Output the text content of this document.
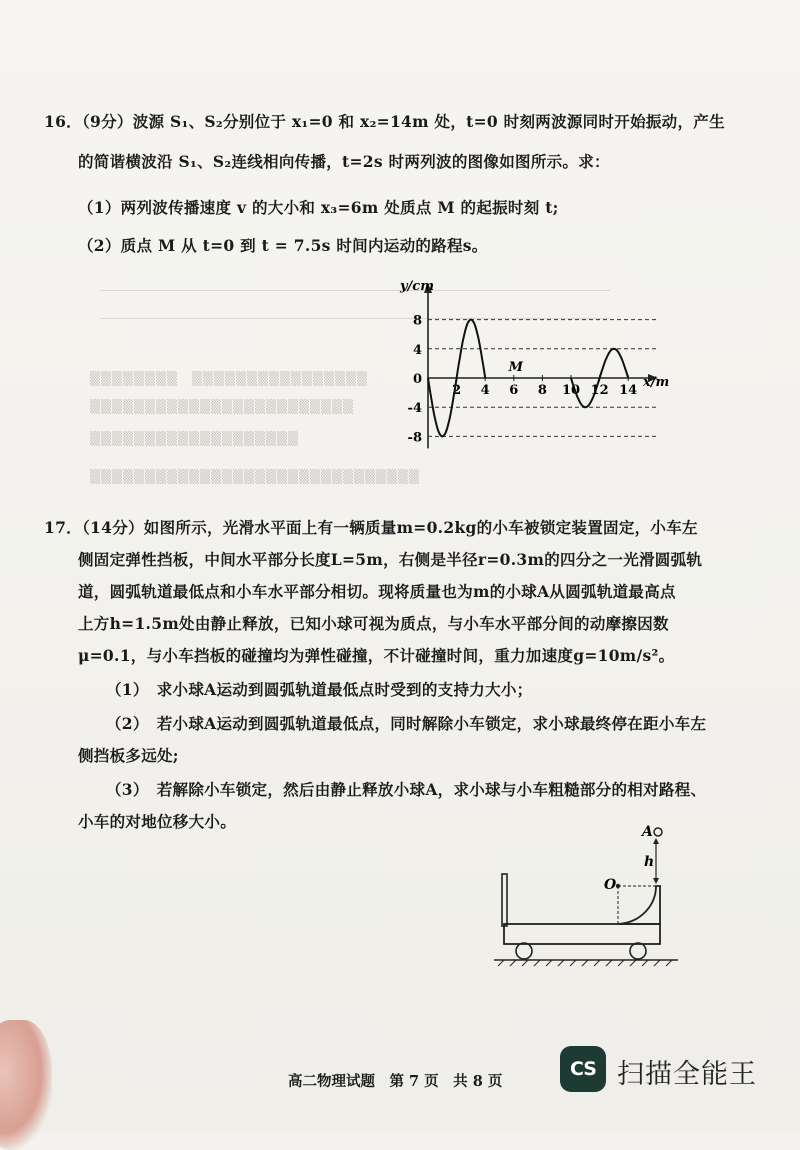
▒▒▒▒▒▒▒▒　▒▒▒▒▒▒▒▒▒▒▒▒▒▒▒▒
▒▒▒▒▒▒▒▒▒▒▒▒▒▒▒▒▒▒▒▒▒▒▒▒
▒▒▒▒▒▒▒▒▒▒▒▒▒▒▒▒▒▒▒
▒▒▒▒▒▒▒▒▒▒▒▒▒▒▒▒▒▒▒▒▒▒▒▒▒▒▒▒▒▒
16．（9分）波源 S₁、S₂分别位于 x₁=0 和 x₂=14m 处，t=0 时刻两波源同时开始振动，产生
的简谐横波沿 S₁、S₂连线相向传播，t=2s 时两列波的图像如图所示。求：
（1）两列波传播速度 v 的大小和 x₃=6m 处质点 M 的起振时刻 t;
（2）质点 M 从 t=0 到 t = 7.5s 时间内运动的路程s。
y/cm
x/m
8
4
0
-4
-8
2 4 6 8 10 12 14
M
17．（14分）如图所示，光滑水平面上有一辆质量m=0.2kg的小车被锁定装置固定，小车左
侧固定弹性挡板，中间水平部分长度L=5m，右侧是半径r=0.3m的四分之一光滑圆弧轨
道，圆弧轨道最低点和小车水平部分相切。现将质量也为m的小球A从圆弧轨道最高点
上方h=1.5m处由静止释放，已知小球可视为质点，与小车水平部分间的动摩擦因数
μ=0.1，与小车挡板的碰撞均为弹性碰撞，不计碰撞时间，重力加速度g=10m/s²。
（1）　求小球A运动到圆弧轨道最低点时受到的支持力大小；
（2）　若小球A运动到圆弧轨道最低点，同时解除小车锁定，求小球最终停在距小车左
侧挡板多远处;
（3）　若解除小车锁定，然后由静止释放小球A，求小球与小车粗糙部分的相对路程、
小车的对地位移大小。
A
h
O
高二物理试题　第 7 页　共 8 页
CS 扫描全能王
